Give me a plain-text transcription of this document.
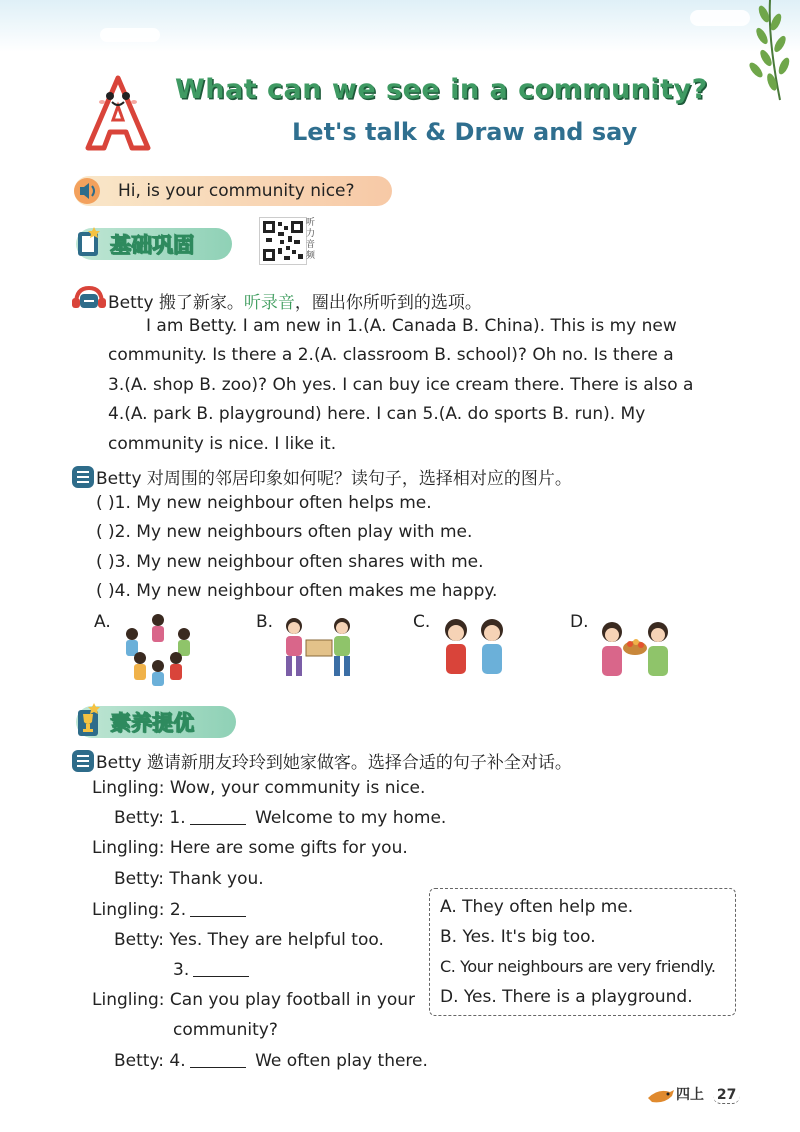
What can we see in a community?
Let's talk & Draw and say
Hi, is your community nice?
基础巩固
听
力
音
频
Betty 搬了新家。听录音，圈出你所听到的选项。
I am Betty. I am new in 1.(A. Canada B. China). This is my new
community. Is there a 2.(A. classroom B. school)? Oh no. Is there a
3.(A. shop B. zoo)? Oh yes. I can buy ice cream there. There is also a
4.(A. park B. playground) here. I can 5.(A. do sports B. run). My
community is nice. I like it.
Betty 对周围的邻居印象如何呢？读句子，选择相对应的图片。
( )1. My new neighbour often helps me.
( )2. My new neighbours often play with me.
( )3. My new neighbour often shares with me.
( )4. My new neighbour often makes me happy.
A.	B.	C.	D.
素养提优
Betty 邀请新朋友玲玲到她家做客。选择合适的句子补全对话。
Lingling: Wow, your community is nice.
Betty: 1.	Welcome to my home.
Lingling: Here are some gifts for you.
Betty: Thank you.
Lingling: 2.
Betty: Yes. They are helpful too.
3.
Lingling: Can you play football in your
community?
Betty: 4.	We often play there.
A. They often help me.
B. Yes. It's big too.
C. Your neighbours are very friendly.
D. Yes. There is a playground.
四上 27
